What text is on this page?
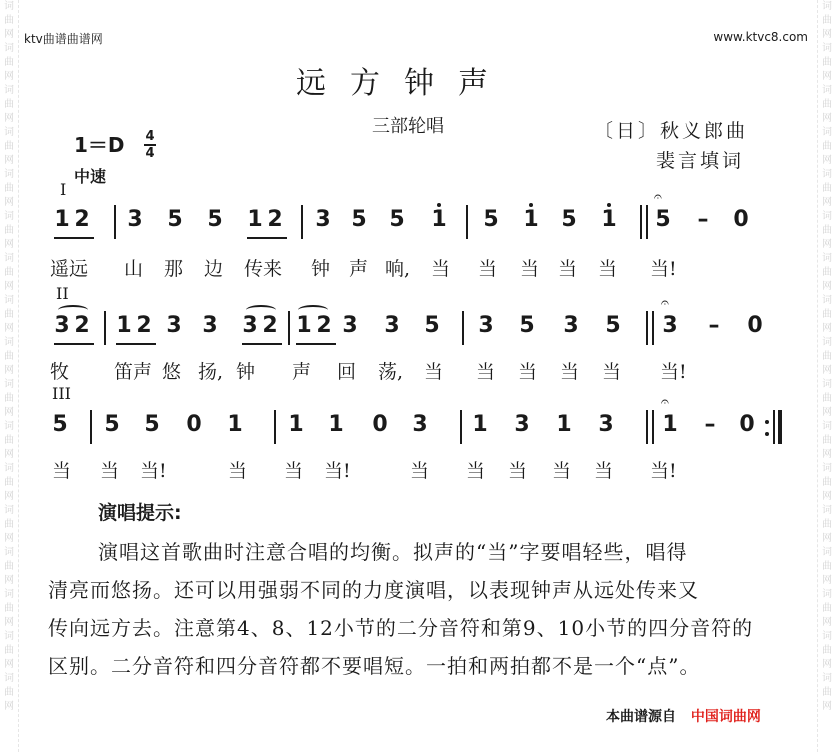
词
曲
网
词
曲
网
词
曲
网
词
曲
网
词
曲
网
词
曲
网
词
曲
网
词
曲
网
词
曲
网
词
曲
网
词
曲
网
词
曲
网
词
曲
网
词
曲
网
词
曲
网
词
曲
网
词
曲
网
词
曲
网
词
曲
网
词
曲
网
词
曲
网
词
曲
网
词
曲
网
词
曲
网
词
曲
网
词
曲
网
词
曲
网
词
曲
网
词
曲
网
词
曲
网
词
曲
网
词
曲
网
词
曲
网
词
曲
网
ktv曲谱曲谱网	www.ktvc8.com
远方钟声
三部轮唱	〔日〕秋义郎曲
裴言填词
1＝D 4
4
中速
I
1 2 3 5 5 1 2 3 5 5 1 5 1 5 1
𝄐
5 – 0
遥远 山 那 边 传来 钟 声 响, 当 当 当 当 当 当!
II
3 2 1 2 3 3 3 2 1 2 3 3 5 3 5 3 5
𝄐
3 – 0
牧 笛声 悠 扬, 钟 声 回 荡, 当 当 当 当 当 当!
III
5 5 5 0 1 1 1 0 3 1 3 1 3
𝄐
1 – 0
当 当 当!	当 当 当!	当 当 当 当 当 当!
演唱提示:
演唱这首歌曲时注意合唱的均衡。拟声的“当”字要唱轻些，唱得
清亮而悠扬。还可以用强弱不同的力度演唱，以表现钟声从远处传来又
传向远方去。注意第4、8、12小节的二分音符和第9、10小节的四分音符的
区别。二分音符和四分音符都不要唱短。一拍和两拍都不是一个“点”。
本曲谱源自 中国词曲网
